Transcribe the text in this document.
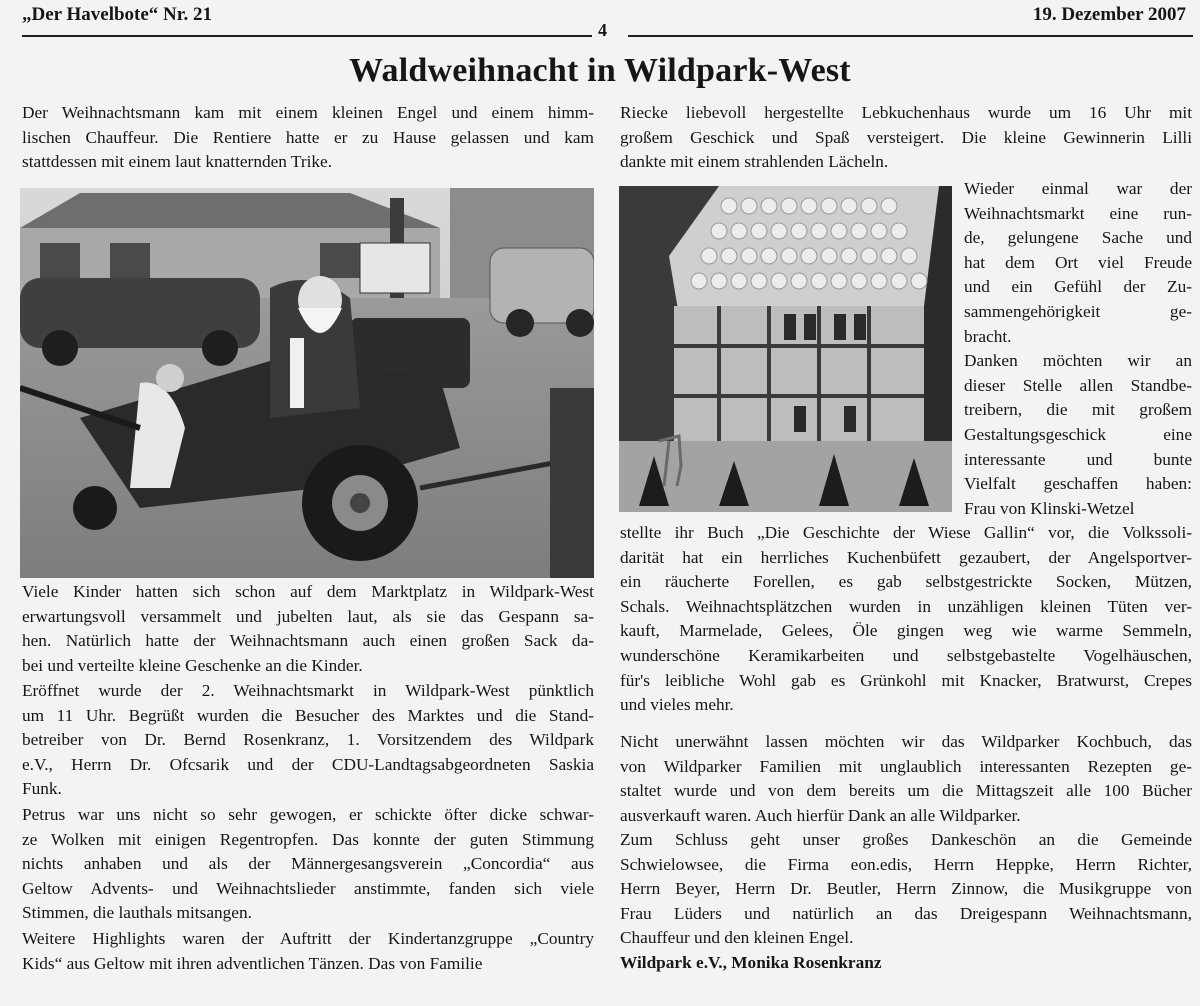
„Der Havelbote“ Nr. 21
4
19. Dezember 2007
Waldweihnacht in Wildpark-West
Der Weihnachtsmann kam mit einem kleinen Engel und einem himm-
lischen Chauffeur. Die Rentiere hatte er zu Hause gelassen und kam
stattdessen mit einem laut knatternden Trike.
Viele Kinder hatten sich schon auf dem Marktplatz in Wildpark-West
erwartungsvoll versammelt und jubelten laut, als sie das Gespann sa-
hen. Natürlich hatte der Weihnachtsmann auch einen großen Sack da-
bei und verteilte kleine Geschenke an die Kinder.
Eröffnet wurde der 2. Weihnachtsmarkt in Wildpark-West pünktlich
um 11 Uhr. Begrüßt wurden die Besucher des Marktes und die Stand-
betreiber von Dr. Bernd Rosenkranz, 1. Vorsitzendem des Wildpark
e.V., Herrn Dr. Ofcsarik und der CDU-Landtagsabgeordneten Saskia
Funk.
Petrus war uns nicht so sehr gewogen, er schickte öfter dicke schwar-
ze Wolken mit einigen Regentropfen. Das konnte der guten Stimmung
nichts anhaben und als der Männergesangsverein „Concordia“ aus
Geltow Advents- und Weihnachtslieder anstimmte, fanden sich viele
Stimmen, die lauthals mitsangen.
Weitere Highlights waren der Auftritt der Kindertanzgruppe „Country
Kids“ aus Geltow mit ihren adventlichen Tänzen. Das von Familie
Riecke liebevoll hergestellte Lebkuchenhaus wurde um 16 Uhr mit
großem Geschick und Spaß versteigert. Die kleine Gewinnerin Lilli
dankte mit einem strahlenden Lächeln.
Wieder einmal war der
Weihnachtsmarkt eine run-
de, gelungene Sache und
hat dem Ort viel Freude
und ein Gefühl der Zu-
sammengehörigkeit ge-
bracht.
Danken möchten wir an
dieser Stelle allen Standbe-
treibern, die mit großem
Gestaltungsgeschick eine
interessante und bunte
Vielfalt geschaffen haben:
Frau von Klinski-Wetzel
stellte ihr Buch „Die Geschichte der Wiese Gallin“ vor, die Volkssoli-
darität hat ein herrliches Kuchenbüfett gezaubert, der Angelsportver-
ein räucherte Forellen, es gab selbstgestrickte Socken, Mützen,
Schals. Weihnachtsplätzchen wurden in unzähligen kleinen Tüten ver-
kauft, Marmelade, Gelees, Öle gingen weg wie warme Semmeln,
wunderschöne Keramikarbeiten und selbstgebastelte Vogelhäuschen,
für's leibliche Wohl gab es Grünkohl mit Knacker, Bratwurst, Crepes
und vieles mehr.
Nicht unerwähnt lassen möchten wir das Wildparker Kochbuch, das
von Wildparker Familien mit unglaublich interessanten Rezepten ge-
staltet wurde und von dem bereits um die Mittagszeit alle 100 Bücher
ausverkauft waren. Auch hierfür Dank an alle Wildparker.
Zum Schluss geht unser großes Dankeschön an die Gemeinde
Schwielowsee, die Firma eon.edis, Herrn Heppke, Herrn Richter,
Herrn Beyer, Herrn Dr. Beutler, Herrn Zinnow, die Musikgruppe von
Frau Lüders und natürlich an das Dreigespann Weihnachtsmann,
Chauffeur und den kleinen Engel.
Wildpark e.V., Monika Rosenkranz
